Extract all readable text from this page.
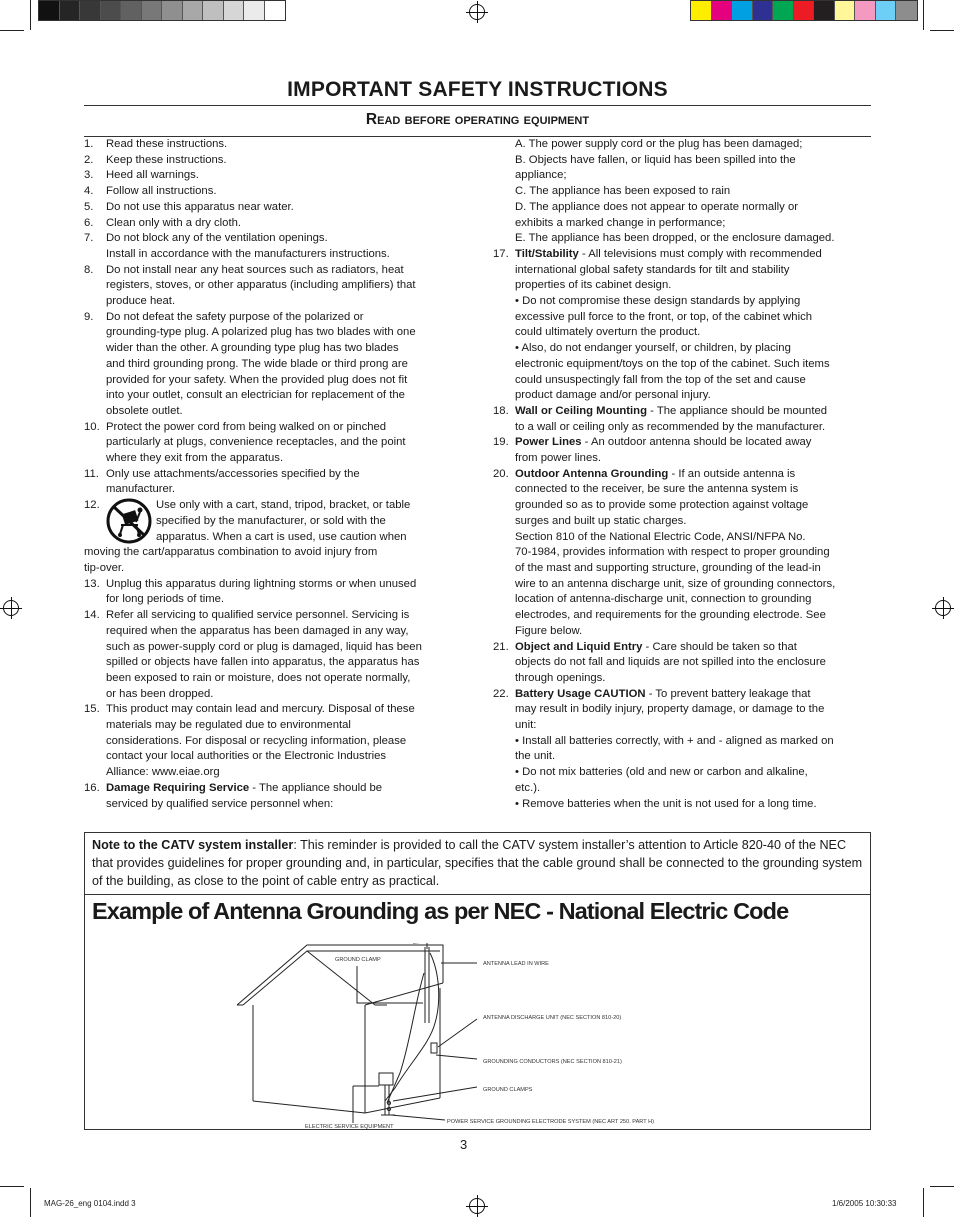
IMPORTANT SAFETY INSTRUCTIONS
Read before operating equipment
1.	Read these instructions.
2.	Keep these instructions.
3.	Heed all warnings.
4.	Follow all instructions.
5.	Do not use this apparatus near water.
6.	Clean only with a dry cloth.
7.	Do not block any of the ventilation openings.
Install in accordance with the manufacturers instructions.
8.	Do not install near any heat sources such as radiators, heat
registers, stoves, or other apparatus (including amplifiers) that
produce heat.
9.	Do not defeat the safety purpose of the polarized or
grounding-type plug. A polarized plug has two blades with one
wider than the other. A grounding type plug has two blades
and third grounding prong. The wide blade or third prong are
provided for your safety. When the provided plug does not fit
into your outlet, consult an electrician for replacement of the
obsolete outlet.
10. Protect the power cord from being walked on or pinched
particularly at plugs, convenience receptacles, and the point
where they exit from the apparatus.
11. Only use attachments/accessories specified by the
manufacturer.
12.	Use only with a cart, stand, tripod, bracket, or table
specified by the manufacturer, or sold with the
apparatus. When a cart is used, use caution when
moving the cart/apparatus combination to avoid injury from
tip-over.
13. Unplug this apparatus during lightning storms or when unused
for long periods of time.
14. Refer all servicing to qualified service personnel. Servicing is
required when the apparatus has been damaged in any way,
such as power-supply cord or plug is damaged, liquid has been
spilled or objects have fallen into apparatus, the apparatus has
been exposed to rain or moisture, does not operate normally,
or has been dropped.
15. This product may contain lead and mercury. Disposal of these
materials may be regulated due to environmental
considerations. For disposal or recycling information, please
contact your local authorities or the Electronic Industries
Alliance: www.eiae.org
16. Damage Requiring Service - The appliance should be
serviced by qualified service personnel when:
A. The power supply cord or the plug has been damaged;
B. Objects have fallen, or liquid has been spilled into the
appliance;
C. The appliance has been exposed to rain
D. The appliance does not appear to operate normally or
exhibits a marked change in performance;
E. The appliance has been dropped, or the enclosure damaged.
17. Tilt/Stability - All televisions must comply with recommended
international global safety standards for tilt and stability
properties of its cabinet design.
• Do not compromise these design standards by applying
excessive pull force to the front, or top, of the cabinet which
could ultimately overturn the product.
• Also, do not endanger yourself, or children, by placing
electronic equipment/toys on the top of the cabinet. Such items
could unsuspectingly fall from the top of the set and cause
product damage and/or personal injury.
18. Wall or Ceiling Mounting - The appliance should be mounted
to a wall or ceiling only as recommended by the manufacturer.
19. Power Lines - An outdoor antenna should be located away
from power lines.
20. Outdoor Antenna Grounding - If an outside antenna is
connected to the receiver, be sure the antenna system is
grounded so as to provide some protection against voltage
surges and built up static charges.
Section 810 of the National Electric Code, ANSI/NFPA No.
70-1984, provides information with respect to proper grounding
of the mast and supporting structure, grounding of the lead-in
wire to an antenna discharge unit, size of grounding connectors,
location of antenna-discharge unit, connection to grounding
electrodes, and requirements for the grounding electrode. See
Figure below.
21. Object and Liquid Entry - Care should be taken so that
objects do not fall and liquids are not spilled into the enclosure
through openings.
22. Battery Usage CAUTION - To prevent battery leakage that
may result in bodily injury, property damage, or damage to the
unit:
• Install all batteries correctly, with + and - aligned as marked on
the unit.
• Do not mix batteries (old and new or carbon and alkaline,
etc.).
• Remove batteries when the unit is not used for a long time.
Note to the CATV system installer: This reminder is provided to call the CATV system installer’s attention to Article 820-40 of the NEC that provides guidelines for proper grounding and, in particular, specifies that the cable ground shall be connected to the grounding system of the building, as close to the point of cable entry as practical.
Example of Antenna Grounding as per NEC - National Electric Code
GROUND CLAMP
ANTENNA LEAD IN WIRE
ANTENNA DISCHARGE UNIT (NEC SECTION 810-20)
GROUNDING CONDUCTORS (NEC SECTION 810-21)
GROUND CLAMPS
POWER SERVICE GROUNDING ELECTRODE SYSTEM (NEC ART 250. PART H)
ELECTRIC SERVICE EQUIPMENT
3
MAG-26_eng 0104.indd 3	1/6/2005 10:30:33
